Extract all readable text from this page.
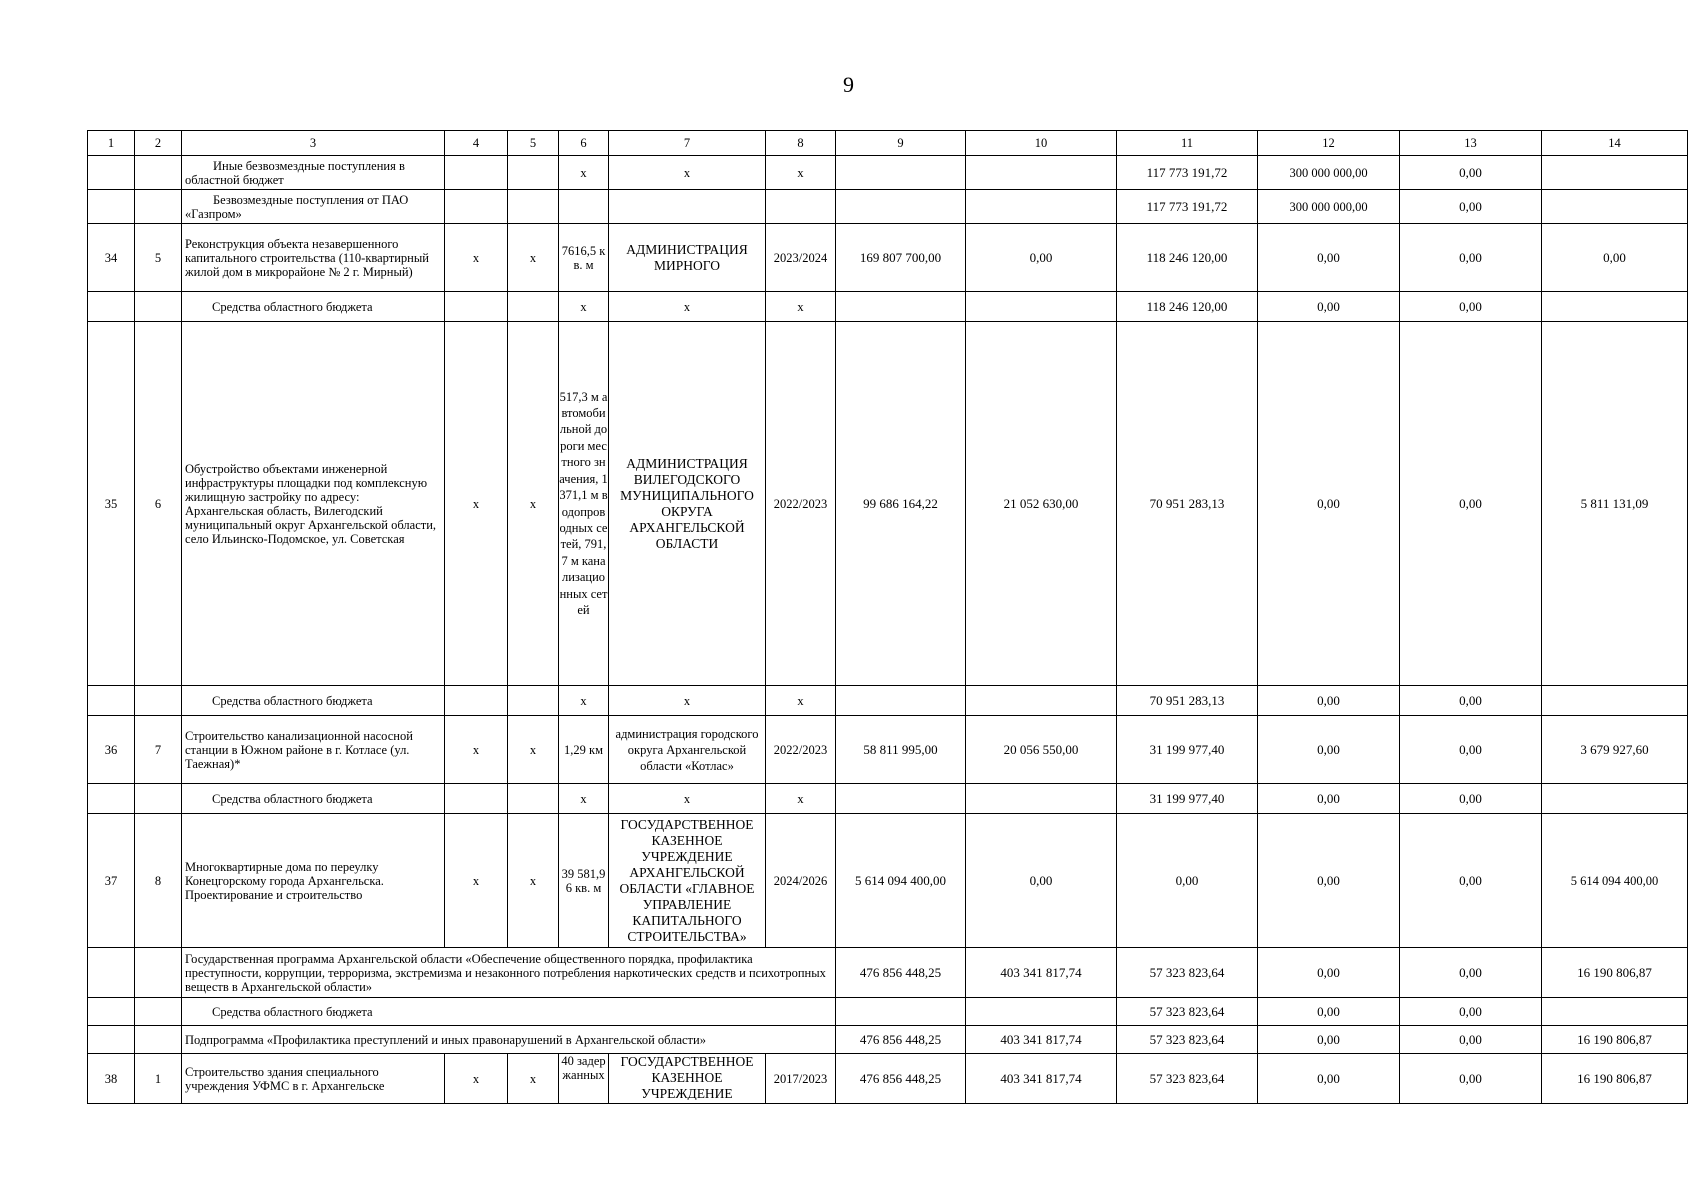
9
1	2	3	4	5	6	7	8	9	10	11	12	13	14
		Иные безвозмездные поступления в областной бюджет			х	х	х			117 773 191,72	300 000 000,00	0,00	
		Безвозмездные поступления от ПАО «Газпром»								117 773 191,72	300 000 000,00	0,00	
34	5	Реконструкция объекта незавершенного капитального строительства (110-квартирный жилой дом в микрорайоне № 2 г. Мирный)	х	х	7616,5 кв. м	АДМИНИСТРАЦИЯ МИРНОГО	2023/2024	169 807 700,00	0,00	118 246 120,00	0,00	0,00	0,00
		Средства областного бюджета			х	х	х			118 246 120,00	0,00	0,00	
35	6	Обустройство объектами инженерной инфраструктуры площадки под комплексную жилищную застройку по адресу: Архангельская область, Вилегодский муниципальный округ Архангельской области, село Ильинско-Подомское, ул. Советская	х	х	517,3 м автомобильной дороги местного значения, 1371,1 м водопроводных сетей, 791,7 м канализационных сетей	АДМИНИСТРАЦИЯ ВИЛЕГОДСКОГО МУНИЦИПАЛЬНОГО ОКРУГА АРХАНГЕЛЬСКОЙ ОБЛАСТИ	2022/2023	99 686 164,22	21 052 630,00	70 951 283,13	0,00	0,00	5 811 131,09
		Средства областного бюджета			х	х	х			70 951 283,13	0,00	0,00	
36	7	Строительство канализационной насосной станции в Южном районе в г. Котласе (ул. Таежная)*	х	х	1,29 км	администрация городского округа Архангельской области «Котлас»	2022/2023	58 811 995,00	20 056 550,00	31 199 977,40	0,00	0,00	3 679 927,60
		Средства областного бюджета			х	х	х			31 199 977,40	0,00	0,00	
37	8	Многоквартирные дома по переулку Конецгорскому города Архангельска. Проектирование и строительство	х	х	39 581,96 кв. м	ГОСУДАРСТВЕННОЕ КАЗЕННОЕ УЧРЕЖДЕНИЕ АРХАНГЕЛЬСКОЙ ОБЛАСТИ «ГЛАВНОЕ УПРАВЛЕНИЕ КАПИТАЛЬНОГО СТРОИТЕЛЬСТВА»	2024/2026	5 614 094 400,00	0,00	0,00	0,00	0,00	5 614 094 400,00
		Государственная программа Архангельской области «Обеспечение общественного порядка, профилактика преступности, коррупции, терроризма, экстремизма и незаконного потребления наркотических средств и психотропных веществ в Архангельской области»						476 856 448,25	403 341 817,74	57 323 823,64	0,00	0,00	16 190 806,87
		Средства областного бюджета								57 323 823,64	0,00	0,00	
		Подпрограмма «Профилактика преступлений и иных правонарушений в Архангельской области»						476 856 448,25	403 341 817,74	57 323 823,64	0,00	0,00	16 190 806,87
38	1	Строительство здания специального учреждения УФМС в г. Архангельске	х	х	40 задержанных	ГОСУДАРСТВЕННОЕ КАЗЕННОЕ УЧРЕЖДЕНИЕ	2017/2023	476 856 448,25	403 341 817,74	57 323 823,64	0,00	0,00	16 190 806,87
